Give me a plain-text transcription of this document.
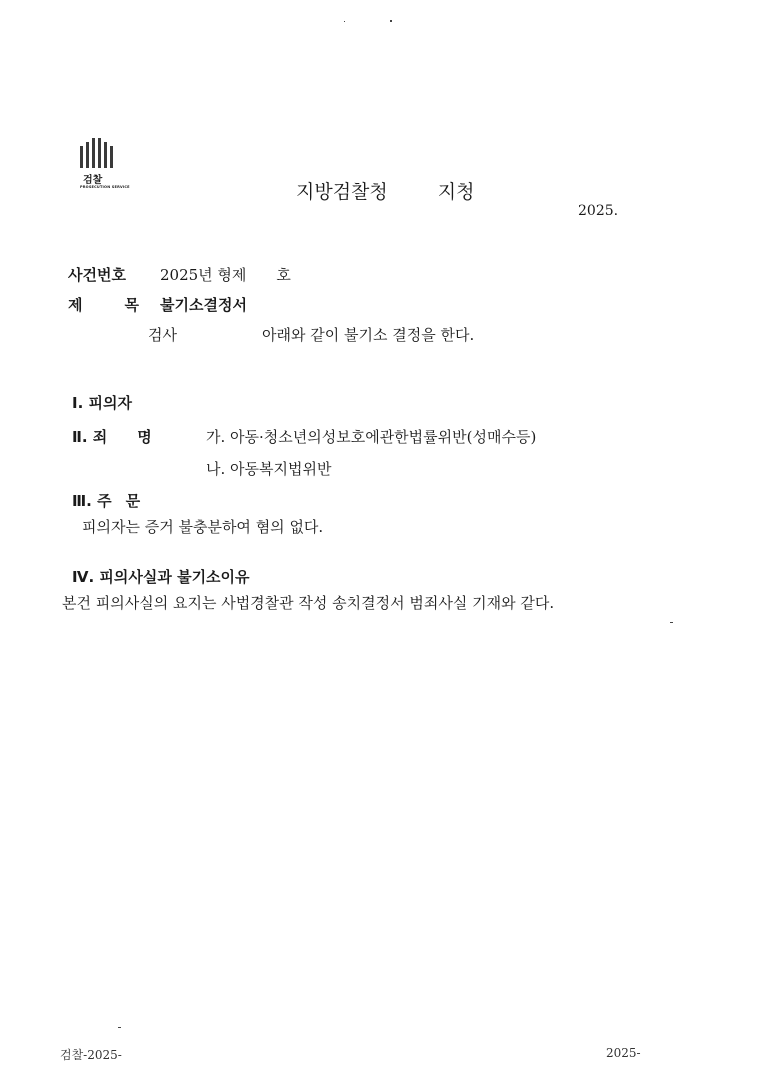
검찰
PROSECUTION SERVICE	지방검찰청	지청
2025.
사건번호 2025년 형제　　호
제	목 불기소결정서
검사	아래와 같이 불기소 결정을 한다.
Ⅰ. 피의자
Ⅱ. 죄 명	가. 아동·청소년의성보호에관한법률위반(성매수등)
나. 아동복지법위반
Ⅲ. 주 문
피의자는 증거 불충분하여 혐의 없다.
Ⅳ. 피의사실과 불기소이유
본건 피의사실의 요지는 사법경찰관 작성 송치결정서 범죄사실 기재와 같다.
검찰-2025-	2025-
